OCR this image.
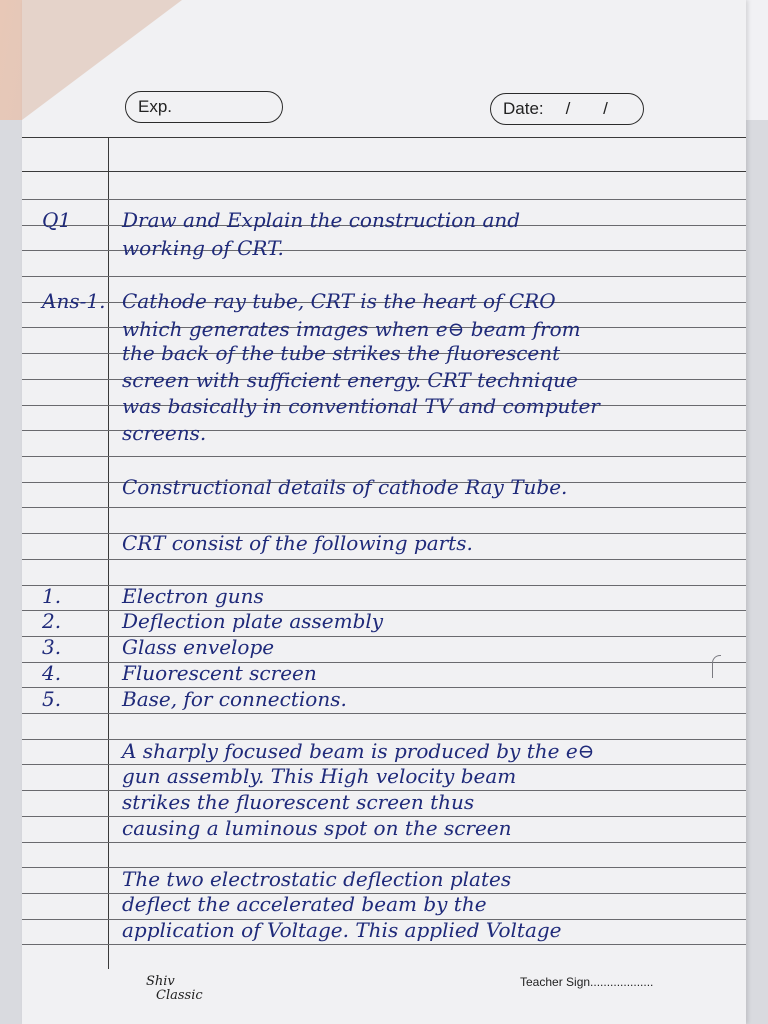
Exp.	Date: / /
Q1	Draw and Explain the construction and
working of CRT.
Ans-1. Cathode ray tube, CRT is the heart of CRO
which generates images when e⊖ beam from
the back of the tube strikes the fluorescent
screen with sufficient energy. CRT technique
was basically in conventional TV and computer
screens.
Constructional details of cathode Ray Tube.
CRT consist of the following parts.
1.	Electron guns
2.	Deflection plate assembly
3.	Glass envelope
4.	Fluorescent screen
5.	Base, for connections.
A sharply focused beam is produced by the e⊖
gun assembly. This High velocity beam
strikes the fluorescent screen thus
causing a luminous spot on the screen
The two electrostatic deflection plates
deflect the accelerated beam by the
application of Voltage. This applied Voltage
Shiv
Classic
Teacher Sign...................
